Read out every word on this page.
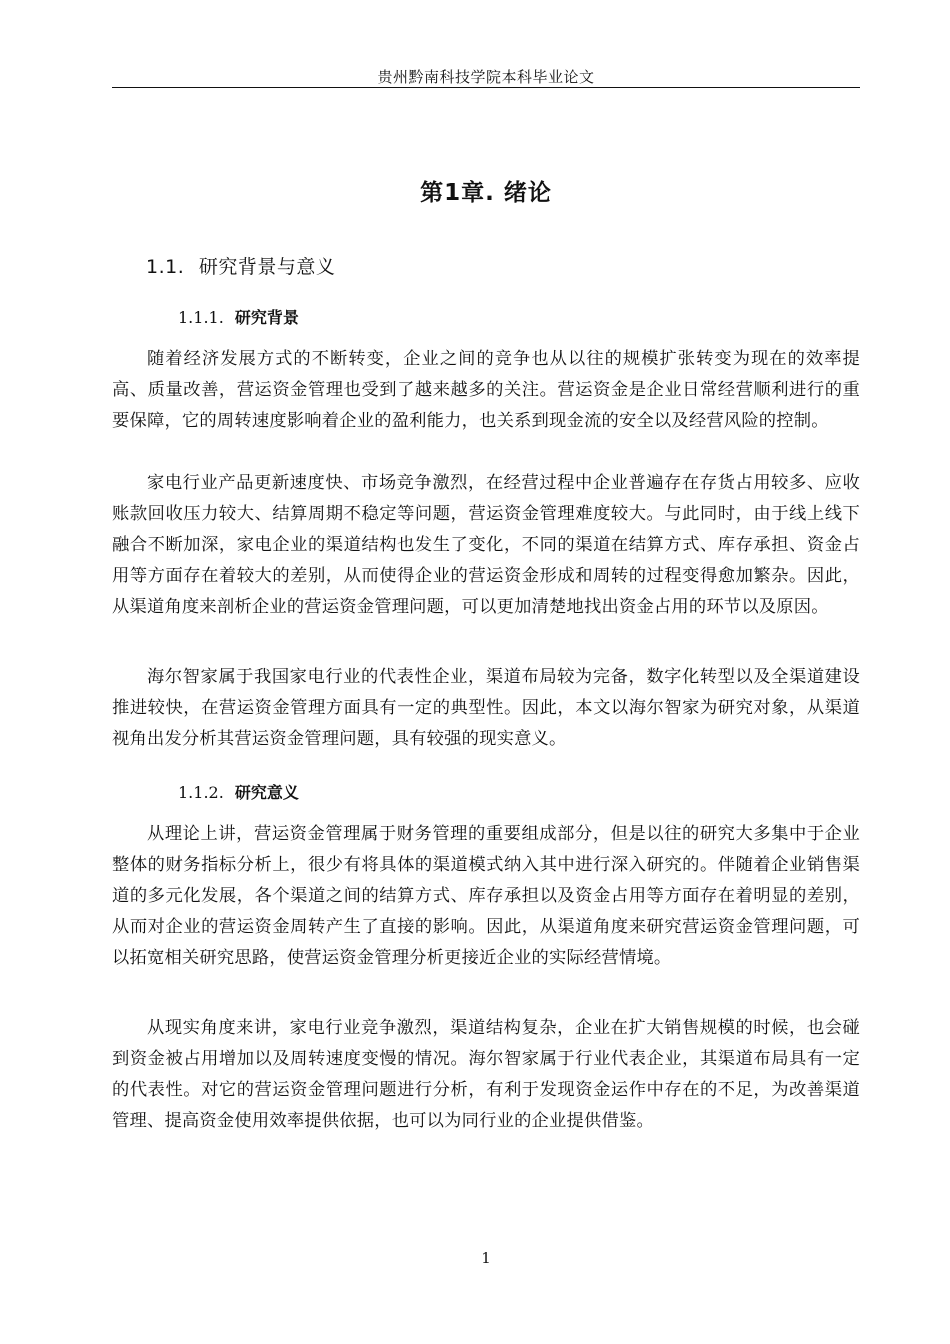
贵州黔南科技学院本科毕业论文
第1章. 绪论
1.1. 研究背景与意义
1.1.1. 研究背景

随着经济发展方式的不断转变，企业之间的竞争也从以往的规模扩张转变为现在的效率提高、质量改善，营运资金管理也受到了越来越多的关注。营运资金是企业日常经营顺利进行的重要保障，它的周转速度影响着企业的盈利能力，也关系到现金流的安全以及经营风险的控制。

家电行业产品更新速度快、市场竞争激烈，在经营过程中企业普遍存在存货占用较多、应收账款回收压力较大、结算周期不稳定等问题，营运资金管理难度较大。与此同时，由于线上线下融合不断加深，家电企业的渠道结构也发生了变化，不同的渠道在结算方式、库存承担、资金占用等方面存在着较大的差别，从而使得企业的营运资金形成和周转的过程变得愈加繁杂。因此，从渠道角度来剖析企业的营运资金管理问题，可以更加清楚地找出资金占用的环节以及原因。

海尔智家属于我国家电行业的代表性企业，渠道布局较为完备，数字化转型以及全渠道建设推进较快，在营运资金管理方面具有一定的典型性。因此，本文以海尔智家为研究对象，从渠道视角出发分析其营运资金管理问题，具有较强的现实意义。

1.1.2. 研究意义

从理论上讲，营运资金管理属于财务管理的重要组成部分，但是以往的研究大多集中于企业整体的财务指标分析上，很少有将具体的渠道模式纳入其中进行深入研究的。伴随着企业销售渠道的多元化发展，各个渠道之间的结算方式、库存承担以及资金占用等方面存在着明显的差别，从而对企业的营运资金周转产生了直接的影响。因此，从渠道角度来研究营运资金管理问题，可以拓宽相关研究思路，使营运资金管理分析更接近企业的实际经营情境。

从现实角度来讲，家电行业竞争激烈，渠道结构复杂，企业在扩大销售规模的时候，也会碰到资金被占用增加以及周转速度变慢的情况。海尔智家属于行业代表企业，其渠道布局具有一定的代表性。对它的营运资金管理问题进行分析，有利于发现资金运作中存在的不足，为改善渠道管理、提高资金使用效率提供依据，也可以为同行业的企业提供借鉴。

1
